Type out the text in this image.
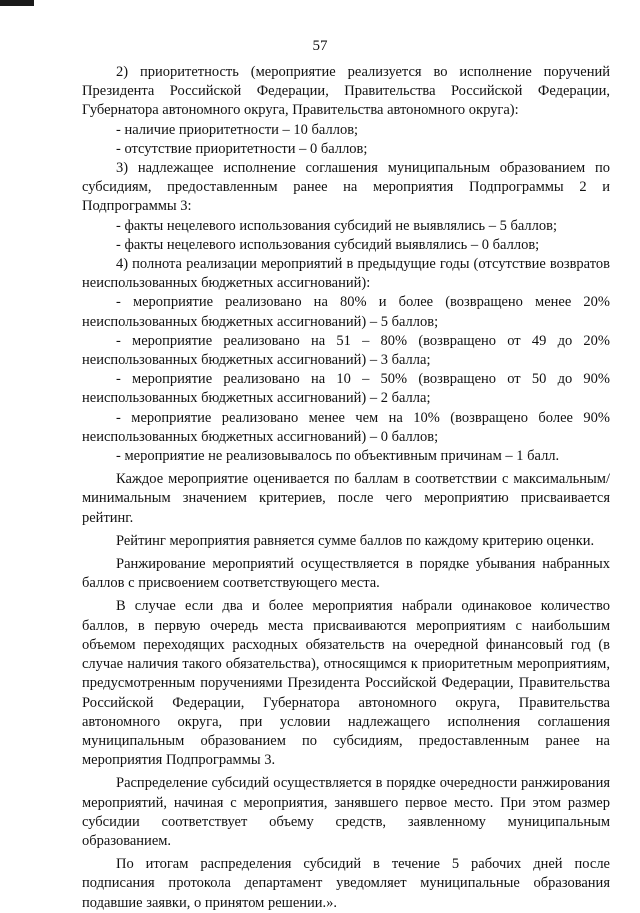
57

2) приоритетность (мероприятие реализуется во исполнение поручений Президента Российской Федерации, Правительства Российской Федерации, Губернатора автономного округа, Правительства автономного округа):

- наличие приоритетности – 10 баллов;

- отсутствие приоритетности – 0 баллов;

3) надлежащее исполнение соглашения муниципальным образованием по субсидиям, предоставленным ранее на мероприятия Подпрограммы 2 и Подпрограммы 3:

- факты нецелевого использования субсидий не выявлялись – 5 баллов;

- факты нецелевого использования субсидий выявлялись – 0 баллов;

4) полнота реализации мероприятий в предыдущие годы (отсутствие возвратов неиспользованных бюджетных ассигнований):

- мероприятие реализовано на 80% и более (возвращено менее 20% неиспользованных бюджетных ассигнований) – 5 баллов;

- мероприятие реализовано на 51 – 80% (возвращено от 49 до 20% неиспользованных бюджетных ассигнований) – 3 балла;

- мероприятие реализовано на 10 – 50% (возвращено от 50 до 90% неиспользованных бюджетных ассигнований) – 2 балла;

- мероприятие реализовано менее чем на 10% (возвращено более 90% неиспользованных бюджетных ассигнований) – 0 баллов;

- мероприятие не реализовывалось по объективным причинам – 1 балл.

Каждое мероприятие оценивается по баллам в соответствии с максимальным/минимальным значением критериев, после чего мероприятию присваивается рейтинг.

Рейтинг мероприятия равняется сумме баллов по каждому критерию оценки.

Ранжирование мероприятий осуществляется в порядке убывания набранных баллов с присвоением соответствующего места.

В случае если два и более мероприятия набрали одинаковое количество баллов, в первую очередь места присваиваются мероприятиям с наибольшим объемом переходящих расходных обязательств на очередной финансовый год (в случае наличия такого обязательства), относящимся к приоритетным мероприятиям, предусмотренным поручениями Президента Российской Федерации, Правительства Российской Федерации, Губернатора автономного округа, Правительства автономного округа, при условии надлежащего исполнения соглашения муниципальным образованием по субсидиям, предоставленным ранее на мероприятия Подпрограммы 3.

Распределение субсидий осуществляется в порядке очередности ранжирования мероприятий, начиная с мероприятия, занявшего первое место. При этом размер субсидии соответствует объему средств, заявленному муниципальным образованием.

По итогам распределения субсидий в течение 5 рабочих дней после подписания протокола департамент уведомляет муниципальные образования подавшие заявки, о принятом решении.».
